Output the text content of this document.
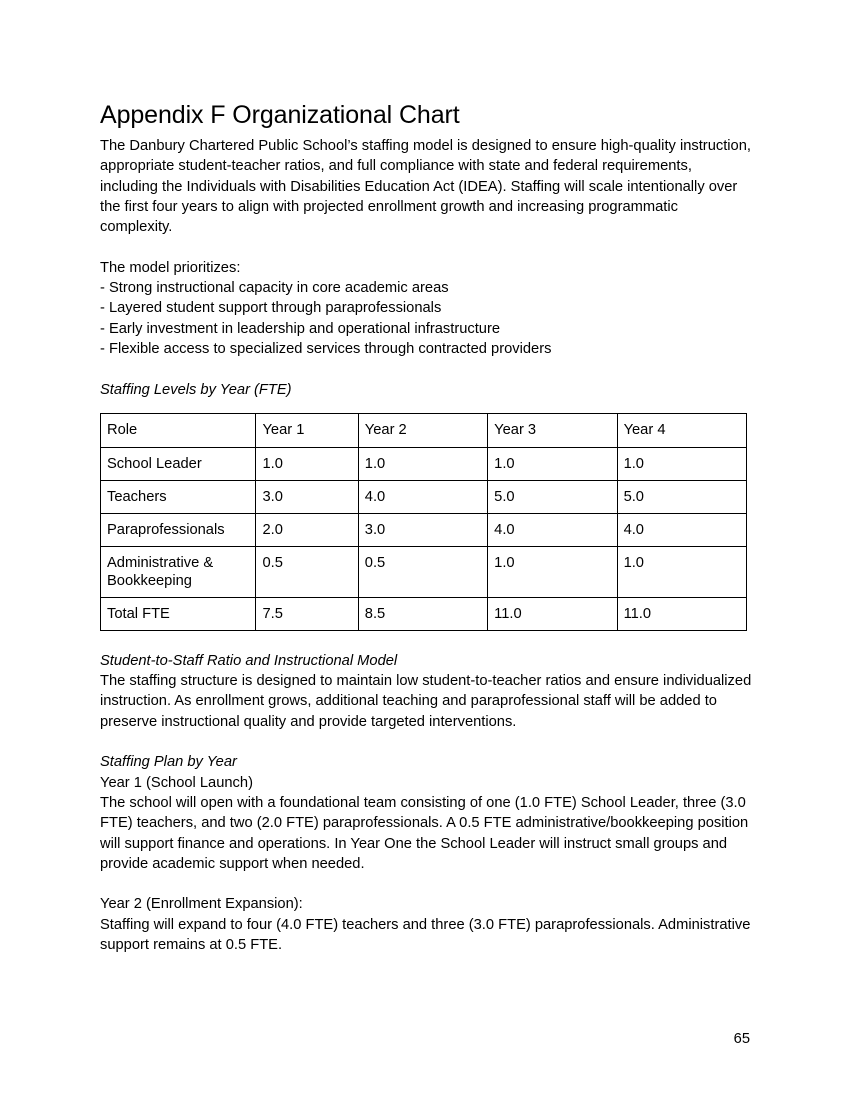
Appendix F Organizational Chart

The Danbury Chartered Public School’s staffing model is designed to ensure high-quality instruction, appropriate student-teacher ratios, and full compliance with state and federal requirements, including the Individuals with Disabilities Education Act (IDEA). Staffing will scale intentionally over the first four years to align with projected enrollment growth and increasing programmatic complexity.

The model prioritizes:
- Strong instructional capacity in core academic areas
- Layered student support through paraprofessionals
- Early investment in leadership and operational infrastructure
- Flexible access to specialized services through contracted providers

Staffing Levels by Year (FTE)

Role	Year 1	Year 2	Year 3	Year 4
School Leader	1.0	1.0	1.0	1.0
Teachers	3.0	4.0	5.0	5.0
Paraprofessionals	2.0	3.0	4.0	4.0
Administrative & Bookkeeping	0.5	0.5	1.0	1.0
Total FTE	7.5	8.5	11.0	11.0

Student-to-Staff Ratio and Instructional Model

The staffing structure is designed to maintain low student-to-teacher ratios and ensure individualized instruction. As enrollment grows, additional teaching and paraprofessional staff will be added to preserve instructional quality and provide targeted interventions.

Staffing Plan by Year

Year 1 (School Launch)

The school will open with a foundational team consisting of one (1.0 FTE) School Leader, three (3.0 FTE) teachers, and two (2.0 FTE) paraprofessionals. A 0.5 FTE administrative/bookkeeping position will support finance and operations. In Year One the School Leader will instruct small groups and provide academic support when needed.

Year 2 (Enrollment Expansion):

Staffing will expand to four (4.0 FTE) teachers and three (3.0 FTE) paraprofessionals. Administrative support remains at 0.5 FTE.

65
